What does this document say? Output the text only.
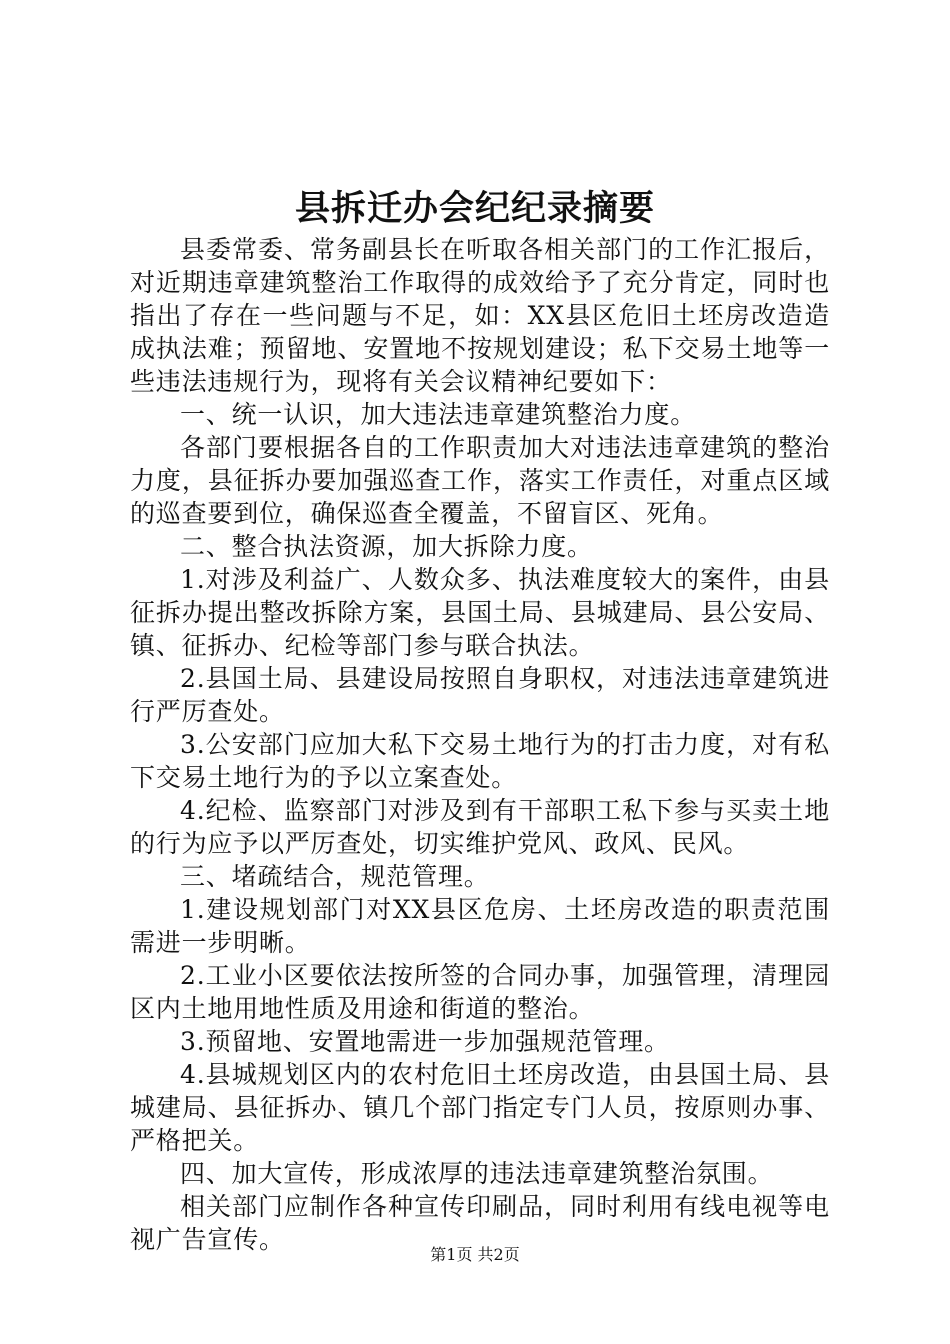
县拆迁办会纪纪录摘要

县委常委、常务副县长在听取各相关部门的工作汇报后，对近期违章建筑整治工作取得的成效给予了充分肯定，同时也指出了存在一些问题与不足，如：XX县区危旧土坯房改造造成执法难；预留地、安置地不按规划建设；私下交易土地等一些违法违规行为，现将有关会议精神纪要如下：

一、统一认识，加大违法违章建筑整治力度。

各部门要根据各自的工作职责加大对违法违章建筑的整治力度，县征拆办要加强巡查工作，落实工作责任，对重点区域的巡查要到位，确保巡查全覆盖，不留盲区、死角。

二、整合执法资源，加大拆除力度。

1.对涉及利益广、人数众多、执法难度较大的案件，由县征拆办提出整改拆除方案，县国土局、县城建局、县公安局、镇、征拆办、纪检等部门参与联合执法。

2.县国土局、县建设局按照自身职权，对违法违章建筑进行严厉查处。

3.公安部门应加大私下交易土地行为的打击力度，对有私下交易土地行为的予以立案查处。

4.纪检、监察部门对涉及到有干部职工私下参与买卖土地的行为应予以严厉查处，切实维护党风、政风、民风。

三、堵疏结合，规范管理。

1.建设规划部门对XX县区危房、土坯房改造的职责范围需进一步明晰。

2.工业小区要依法按所签的合同办事，加强管理，清理园区内土地用地性质及用途和街道的整治。

3.预留地、安置地需进一步加强规范管理。

4.县城规划区内的农村危旧土坯房改造，由县国土局、县城建局、县征拆办、镇几个部门指定专门人员，按原则办事、严格把关。

四、加大宣传，形成浓厚的违法违章建筑整治氛围。

相关部门应制作各种宣传印刷品，同时利用有线电视等电视广告宣传。

第1页 共2页
